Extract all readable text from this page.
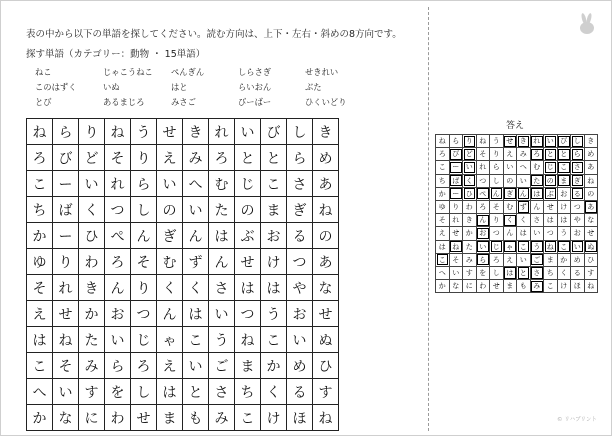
表の中から以下の単語を探してください。読む方向は、上下・左右・斜めの8方向です。
探す単語（カテゴリー：動物 ・ 15単語）
ねこ	じゃこうねこ ぺんぎん	しらさぎ	せきれい
このはずく	いぬ	はと	らいおん	ぶた
とび	あるまじろ	みさご	びーばー	ひくいどり
ね	ら	り	ね	う	せ	き	れ	い	び	し	き
ろ	び	ど	そ	り	え	み	ろ	と	と	ら	め
こ	ー	い	れ	ら	い	へ	む	じ	こ	さ	あ
ち	ば	く	つ	し	の	い	た	の	ま	ぎ	ね
か	ー	ひ	ぺ	ん	ぎ	ん	は	ぶ	お	る	の
ゆ	り	わ	ろ	そ	む	ず	ん	せ	け	つ	あ
そ	れ	き	ん	り	く	く	さ	は	は	や	な
え	せ	か	お	つ	ん	は	い	つ	う	お	せ
は	ね	た	い	じ	ゃ	こ	う	ね	こ	い	ぬ
こ	そ	み	ら	ろ	え	い	ご	ま	か	め	ひ
へ	い	す	を	し	は	と	さ	ち	く	る	す
か	な	に	わ	せ	ま	も	み	こ	け	ほ	ね
答え
ね	ら	り	ね	う	せ	き	れ	い	び	し	き
ろ	び	ど	そ	り	え	み	ろ	と	と	ら	め
こ	ー	い	れ	ら	い	へ	む	じ	こ	さ	あ
ち	ば	く	つ	し	の	い	た	の	ま	ぎ	ね
か	ー	ひ	ぺ	ん	ぎ	ん	は	ぶ	お	る	の
ゆ	り	わ	ろ	そ	む	ず	ん	せ	け	つ	あ
そ	れ	き	ん	り	く	く	さ	は	は	や	な
え	せ	か	お	つ	ん	は	い	つ	う	お	せ
は	ね	た	い	じ	ゃ	こ	う	ね	こ	い	ぬ
こ	そ	み	ら	ろ	え	い	ご	ま	か	め	ひ
へ	い	す	を	し	は	と	さ	ち	く	る	す
か	な	に	わ	せ	ま	も	み	こ	け	ほ	ね
© リハプリント
